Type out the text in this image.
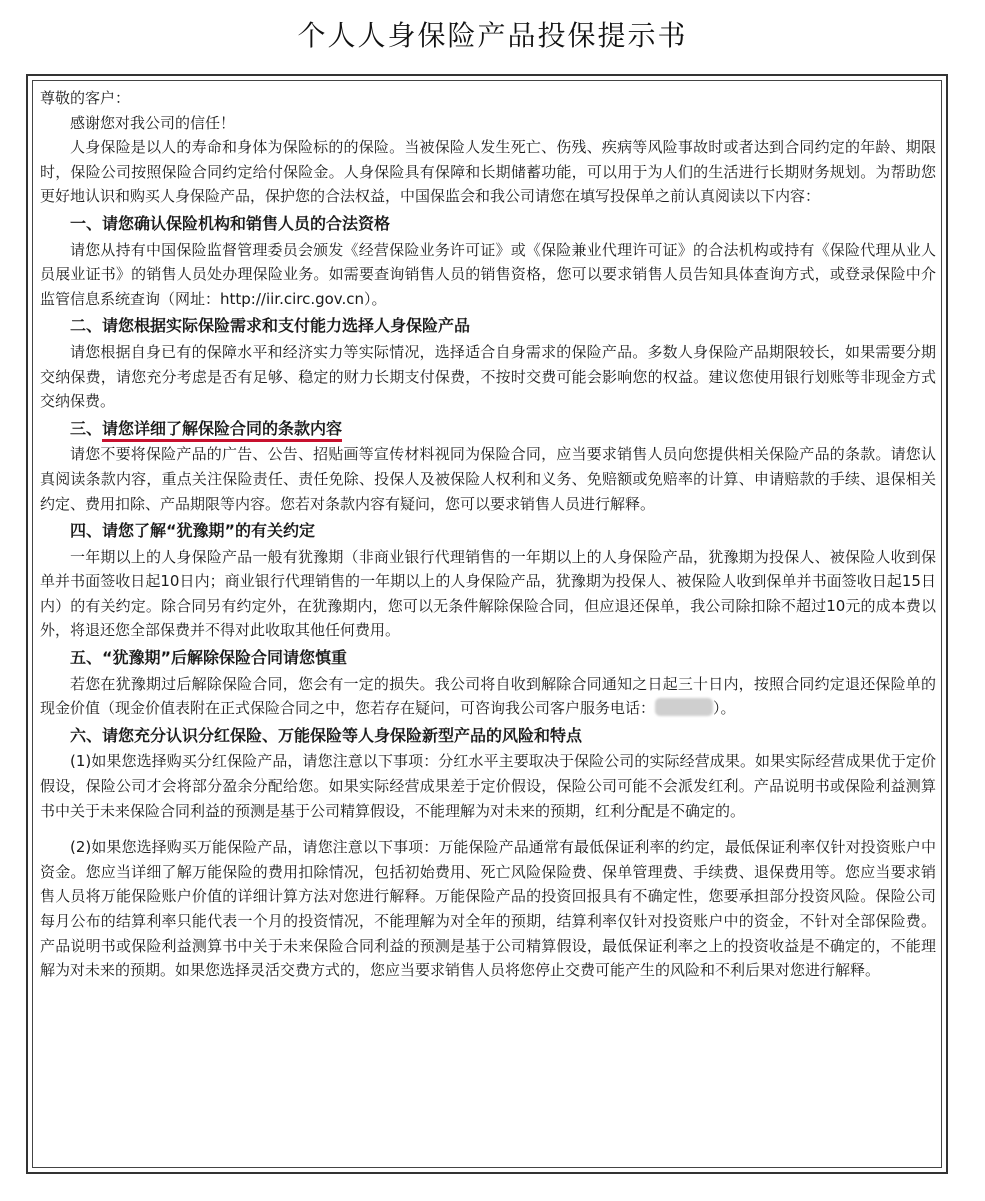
个人人身保险产品投保提示书

尊敬的客户：

感谢您对我公司的信任！

人身保险是以人的寿命和身体为保险标的的保险。当被保险人发生死亡、伤残、疾病等风险事故时或者达到合同约定的年龄、期限时，保险公司按照保险合同约定给付保险金。人身保险具有保障和长期储蓄功能，可以用于为人们的生活进行长期财务规划。为帮助您更好地认识和购买人身保险产品，保护您的合法权益，中国保监会和我公司请您在填写投保单之前认真阅读以下内容：

一、请您确认保险机构和销售人员的合法资格

请您从持有中国保险监督管理委员会颁发《经营保险业务许可证》或《保险兼业代理许可证》的合法机构或持有《保险代理从业人员展业证书》的销售人员处办理保险业务。如需要查询销售人员的销售资格，您可以要求销售人员告知具体查询方式，或登录保险中介监管信息系统查询（网址：http://iir.circ.gov.cn）。

二、请您根据实际保险需求和支付能力选择人身保险产品

请您根据自身已有的保障水平和经济实力等实际情况，选择适合自身需求的保险产品。多数人身保险产品期限较长，如果需要分期交纳保费，请您充分考虑是否有足够、稳定的财力长期支付保费，不按时交费可能会影响您的权益。建议您使用银行划账等非现金方式交纳保费。

三、请您详细了解保险合同的条款内容

请您不要将保险产品的广告、公告、招贴画等宣传材料视同为保险合同，应当要求销售人员向您提供相关保险产品的条款。请您认真阅读条款内容，重点关注保险责任、责任免除、投保人及被保险人权利和义务、免赔额或免赔率的计算、申请赔款的手续、退保相关约定、费用扣除、产品期限等内容。您若对条款内容有疑问，您可以要求销售人员进行解释。

四、请您了解“犹豫期”的有关约定

一年期以上的人身保险产品一般有犹豫期（非商业银行代理销售的一年期以上的人身保险产品，犹豫期为投保人、被保险人收到保单并书面签收日起10日内；商业银行代理销售的一年期以上的人身保险产品，犹豫期为投保人、被保险人收到保单并书面签收日起15日内）的有关约定。除合同另有约定外，在犹豫期内，您可以无条件解除保险合同，但应退还保单，我公司除扣除不超过10元的成本费以外，将退还您全部保费并不得对此收取其他任何费用。

五、“犹豫期”后解除保险合同请您慎重

若您在犹豫期过后解除保险合同，您会有一定的损失。我公司将自收到解除合同通知之日起三十日内，按照合同约定退还保险单的现金价值（现金价值表附在正式保险合同之中，您若存在疑问，可咨询我公司客户服务电话：	）。

六、请您充分认识分红保险、万能保险等人身保险新型产品的风险和特点

(1)如果您选择购买分红保险产品，请您注意以下事项：分红水平主要取决于保险公司的实际经营成果。如果实际经营成果优于定价假设，保险公司才会将部分盈余分配给您。如果实际经营成果差于定价假设，保险公司可能不会派发红利。产品说明书或保险利益测算书中关于未来保险合同利益的预测是基于公司精算假设，不能理解为对未来的预期，红利分配是不确定的。

(2)如果您选择购买万能保险产品，请您注意以下事项：万能保险产品通常有最低保证利率的约定，最低保证利率仅针对投资账户中资金。您应当详细了解万能保险的费用扣除情况，包括初始费用、死亡风险保险费、保单管理费、手续费、退保费用等。您应当要求销售人员将万能保险账户价值的详细计算方法对您进行解释。万能保险产品的投资回报具有不确定性，您要承担部分投资风险。保险公司每月公布的结算利率只能代表一个月的投资情况，不能理解为对全年的预期，结算利率仅针对投资账户中的资金，不针对全部保险费。产品说明书或保险利益测算书中关于未来保险合同利益的预测是基于公司精算假设，最低保证利率之上的投资收益是不确定的，不能理解为对未来的预期。如果您选择灵活交费方式的，您应当要求销售人员将您停止交费可能产生的风险和不利后果对您进行解释。
